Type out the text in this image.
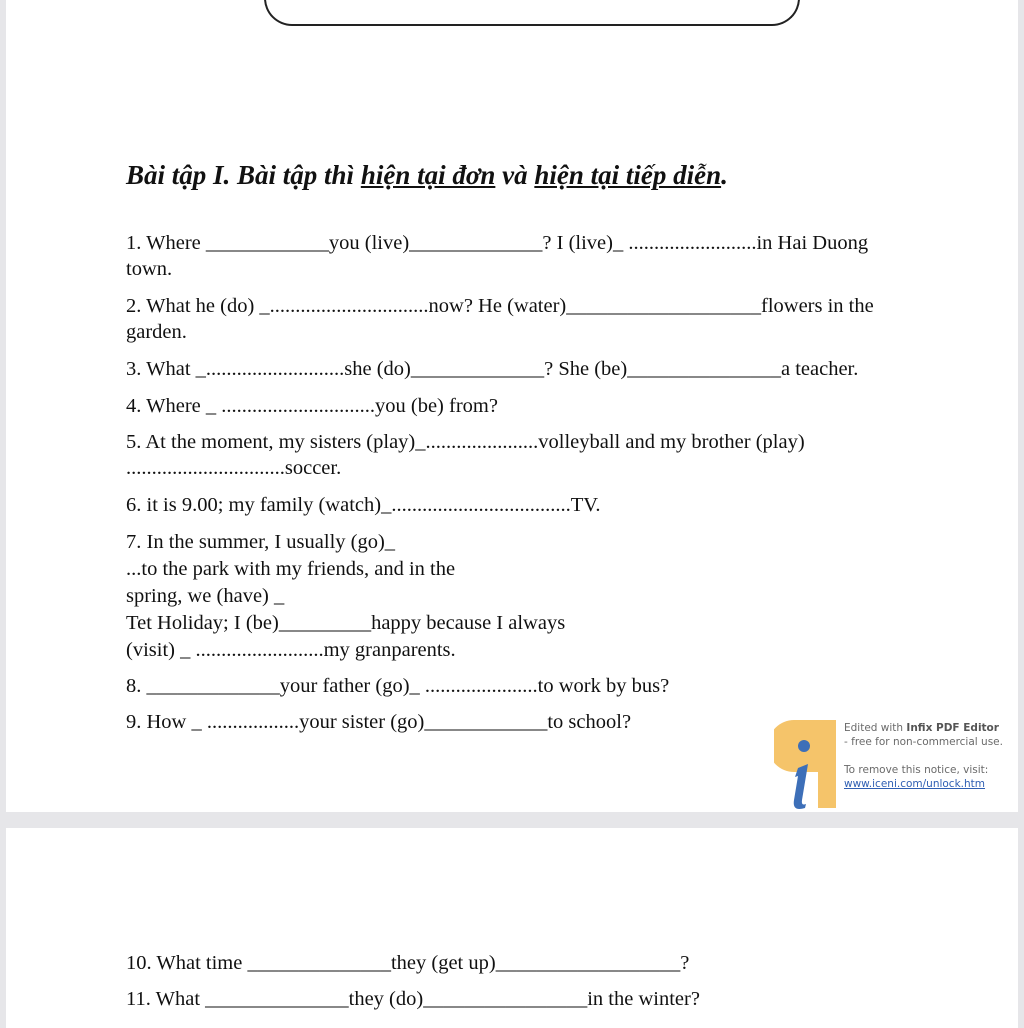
Bài tập I. Bài tập thì hiện tại đơn và hiện tại tiếp diễn.

1. Where ____________you (live)_____________? I (live)_ .........................in Hai Duong

town.

2. What he (do) _...............................now? He (water)___________________flowers in the

garden.

3. What _...........................she (do)_____________? She (be)_______________a teacher.

4. Where _ ..............................you (be) from?

5. At the moment, my sisters (play)_......................volleyball and my brother (play)

...............................soccer.

6. it is 9.00; my family (watch)_...................................TV.

7. In the summer, I usually (go)_

...to the park with my friends, and in the

spring, we (have) _

Tet Holiday; I (be)_________happy because I always

(visit) _ .........................my granparents.

8. _____________your father (go)_ ......................to work by bus?

9. How _ ..................your sister (go)____________to school?	Edited with Infix PDF Editor
- free for non-commercial use.
To remove this notice, visit:
www.iceni.com/unlock.htm

10. What time ______________they (get up)__________________?

11. What ______________they (do)________________in the winter?
